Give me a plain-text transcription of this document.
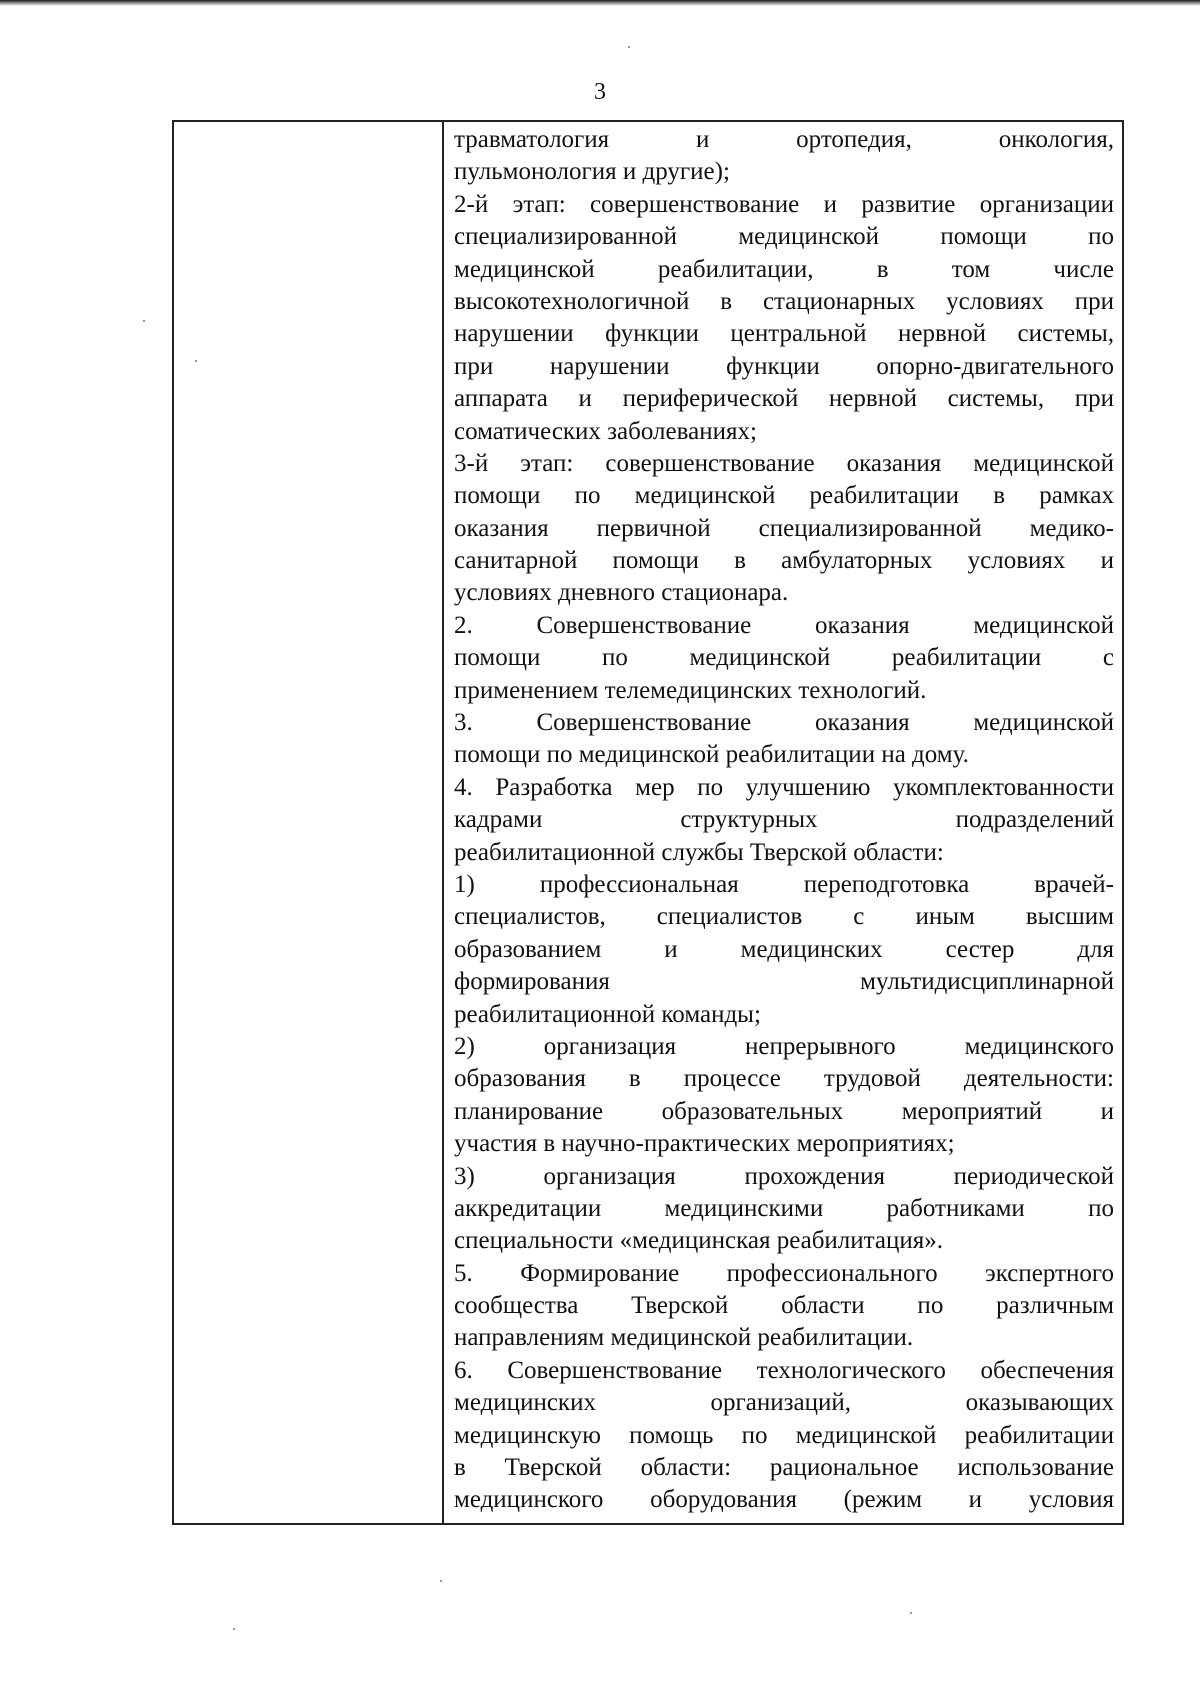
3
травматология и ортопедия, онкология,
пульмонология и другие);
2-й этап: совершенствование и развитие организации
специализированной медицинской помощи по
медицинской реабилитации, в том числе
высокотехнологичной в стационарных условиях при
нарушении функции центральной нервной системы,
при нарушении функции опорно-двигательного
аппарата и периферической нервной системы, при
соматических заболеваниях;
3-й этап: совершенствование оказания медицинской
помощи по медицинской реабилитации в рамках
оказания первичной специализированной медико-
санитарной помощи в амбулаторных условиях и
условиях дневного стационара.
2. Совершенствование оказания медицинской
помощи по медицинской реабилитации с
применением телемедицинских технологий.
3. Совершенствование оказания медицинской
помощи по медицинской реабилитации на дому.
4. Разработка мер по улучшению укомплектованности
кадрами структурных подразделений
реабилитационной службы Тверской области:
1) профессиональная переподготовка врачей-
специалистов, специалистов с иным высшим
образованием и медицинских сестер для
формирования мультидисциплинарной
реабилитационной команды;
2) организация непрерывного медицинского
образования в процессе трудовой деятельности:
планирование образовательных мероприятий и
участия в научно-практических мероприятиях;
3) организация прохождения периодической
аккредитации медицинскими работниками по
специальности «медицинская реабилитация».
5. Формирование профессионального экспертного
сообщества Тверской области по различным
направлениям медицинской реабилитации.
6. Совершенствование технологического обеспечения
медицинских организаций, оказывающих
медицинскую помощь по медицинской реабилитации
в Тверской области: рациональное использование
медицинского оборудования (режим и условия
